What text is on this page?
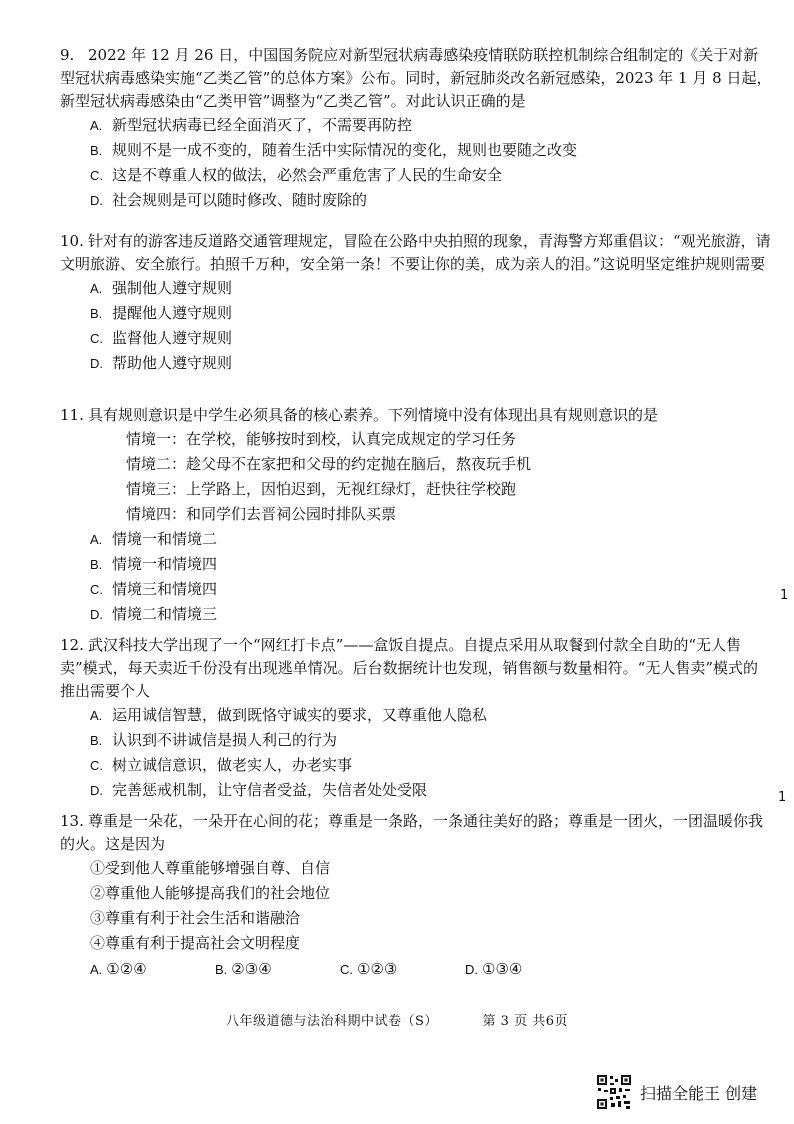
9. 2022 年 12 月 26 日，中国国务院应对新型冠状病毒感染疫情联防联控机制综合组制定的《关于对新型冠状病毒感染实施“乙类乙管”的总体方案》公布。同时，新冠肺炎改名新冠感染，2023 年 1 月 8 日起，新型冠状病毒感染由“乙类甲管”调整为“乙类乙管”。对此认识正确的是

A. 新型冠状病毒已经全面消灭了，不需要再防控

B. 规则不是一成不变的，随着生活中实际情况的变化，规则也要随之改变

C. 这是不尊重人权的做法，必然会严重危害了人民的生命安全

D. 社会规则是可以随时修改、随时废除的

10. 针对有的游客违反道路交通管理规定，冒险在公路中央拍照的现象，青海警方郑重倡议：“观光旅游，请文明旅游、安全旅行。拍照千万种，安全第一条！不要让你的美，成为亲人的泪。”这说明坚定维护规则需要

A. 强制他人遵守规则

B. 提醒他人遵守规则

C. 监督他人遵守规则

D. 帮助他人遵守规则

11. 具有规则意识是中学生必须具备的核心素养。下列情境中没有体现出具有规则意识的是

情境一：在学校，能够按时到校，认真完成规定的学习任务

情境二：趁父母不在家把和父母的约定抛在脑后，熬夜玩手机

情境三：上学路上，因怕迟到，无视红绿灯，赶快往学校跑

情境四：和同学们去晋祠公园时排队买票

A. 情境一和情境二

B. 情境一和情境四

C. 情境三和情境四

D. 情境二和情境三

12. 武汉科技大学出现了一个“网红打卡点”——盒饭自提点。自提点采用从取餐到付款全自助的“无人售卖”模式，每天卖近千份没有出现逃单情况。后台数据统计也发现，销售额与数量相符。“无人售卖”模式的推出需要个人

A. 运用诚信智慧，做到既恪守诚实的要求，又尊重他人隐私

B. 认识到不讲诚信是损人利己的行为

C. 树立诚信意识，做老实人，办老实事

D. 完善惩戒机制，让守信者受益，失信者处处受限

13. 尊重是一朵花，一朵开在心间的花；尊重是一条路，一条通往美好的路；尊重是一团火，一团温暖你我的火。这是因为

①受到他人尊重能够增强自尊、自信

②尊重他人能够提高我们的社会地位

③尊重有利于社会生活和谐融洽

④尊重有利于提高社会文明程度

A. ①②④	B. ②③④	C. ①②③	D. ①③④
八年级道德与法治科期中试卷（S）	第 3 页 共6页
1
1
扫描全能王 创建
